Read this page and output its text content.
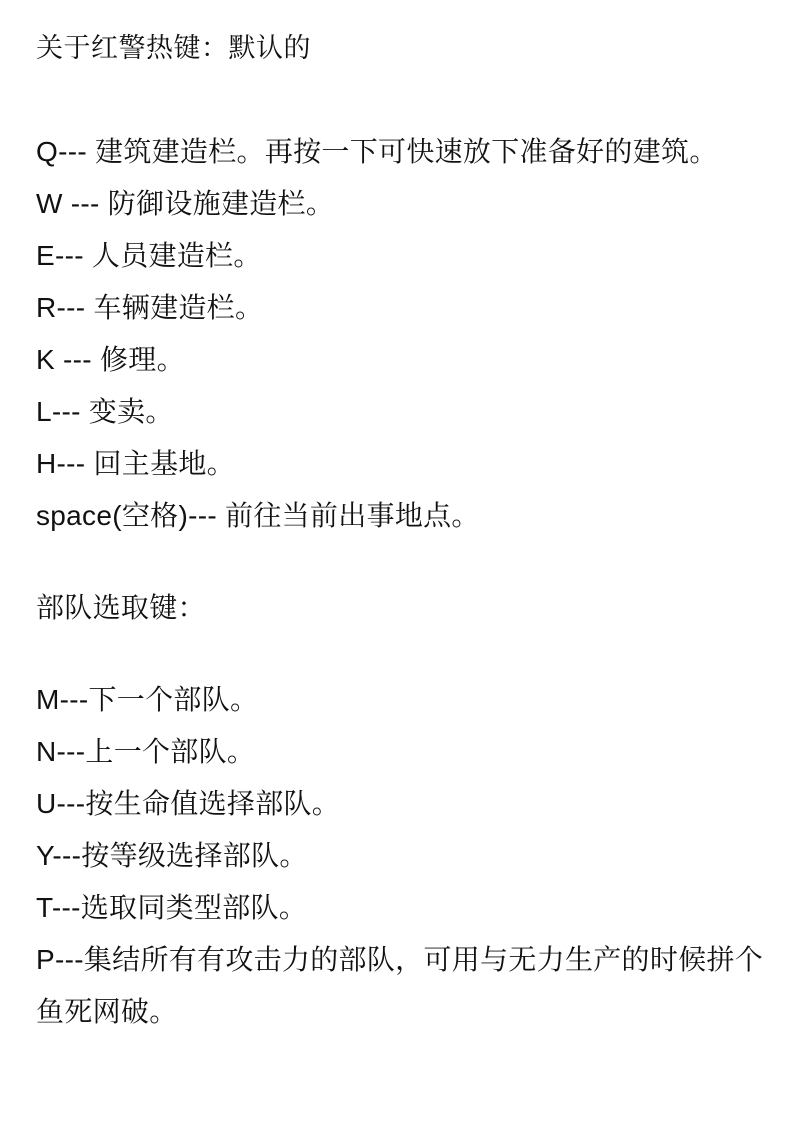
关于红警热键：默认的
Q--- 建筑建造栏。再按一下可快速放下准备好的建筑。
W --- 防御设施建造栏。
E--- 人员建造栏。
R--- 车辆建造栏。
K --- 修理。
L--- 变卖。
H--- 回主基地。
space(空格)--- 前往当前出事地点。
部队选取键：
M---下一个部队。
N---上一个部队。
U---按生命值选择部队。
Y---按等级选择部队。
T---选取同类型部队。
P---集结所有有攻击力的部队，可用与无力生产的时候拼个鱼死网破。
